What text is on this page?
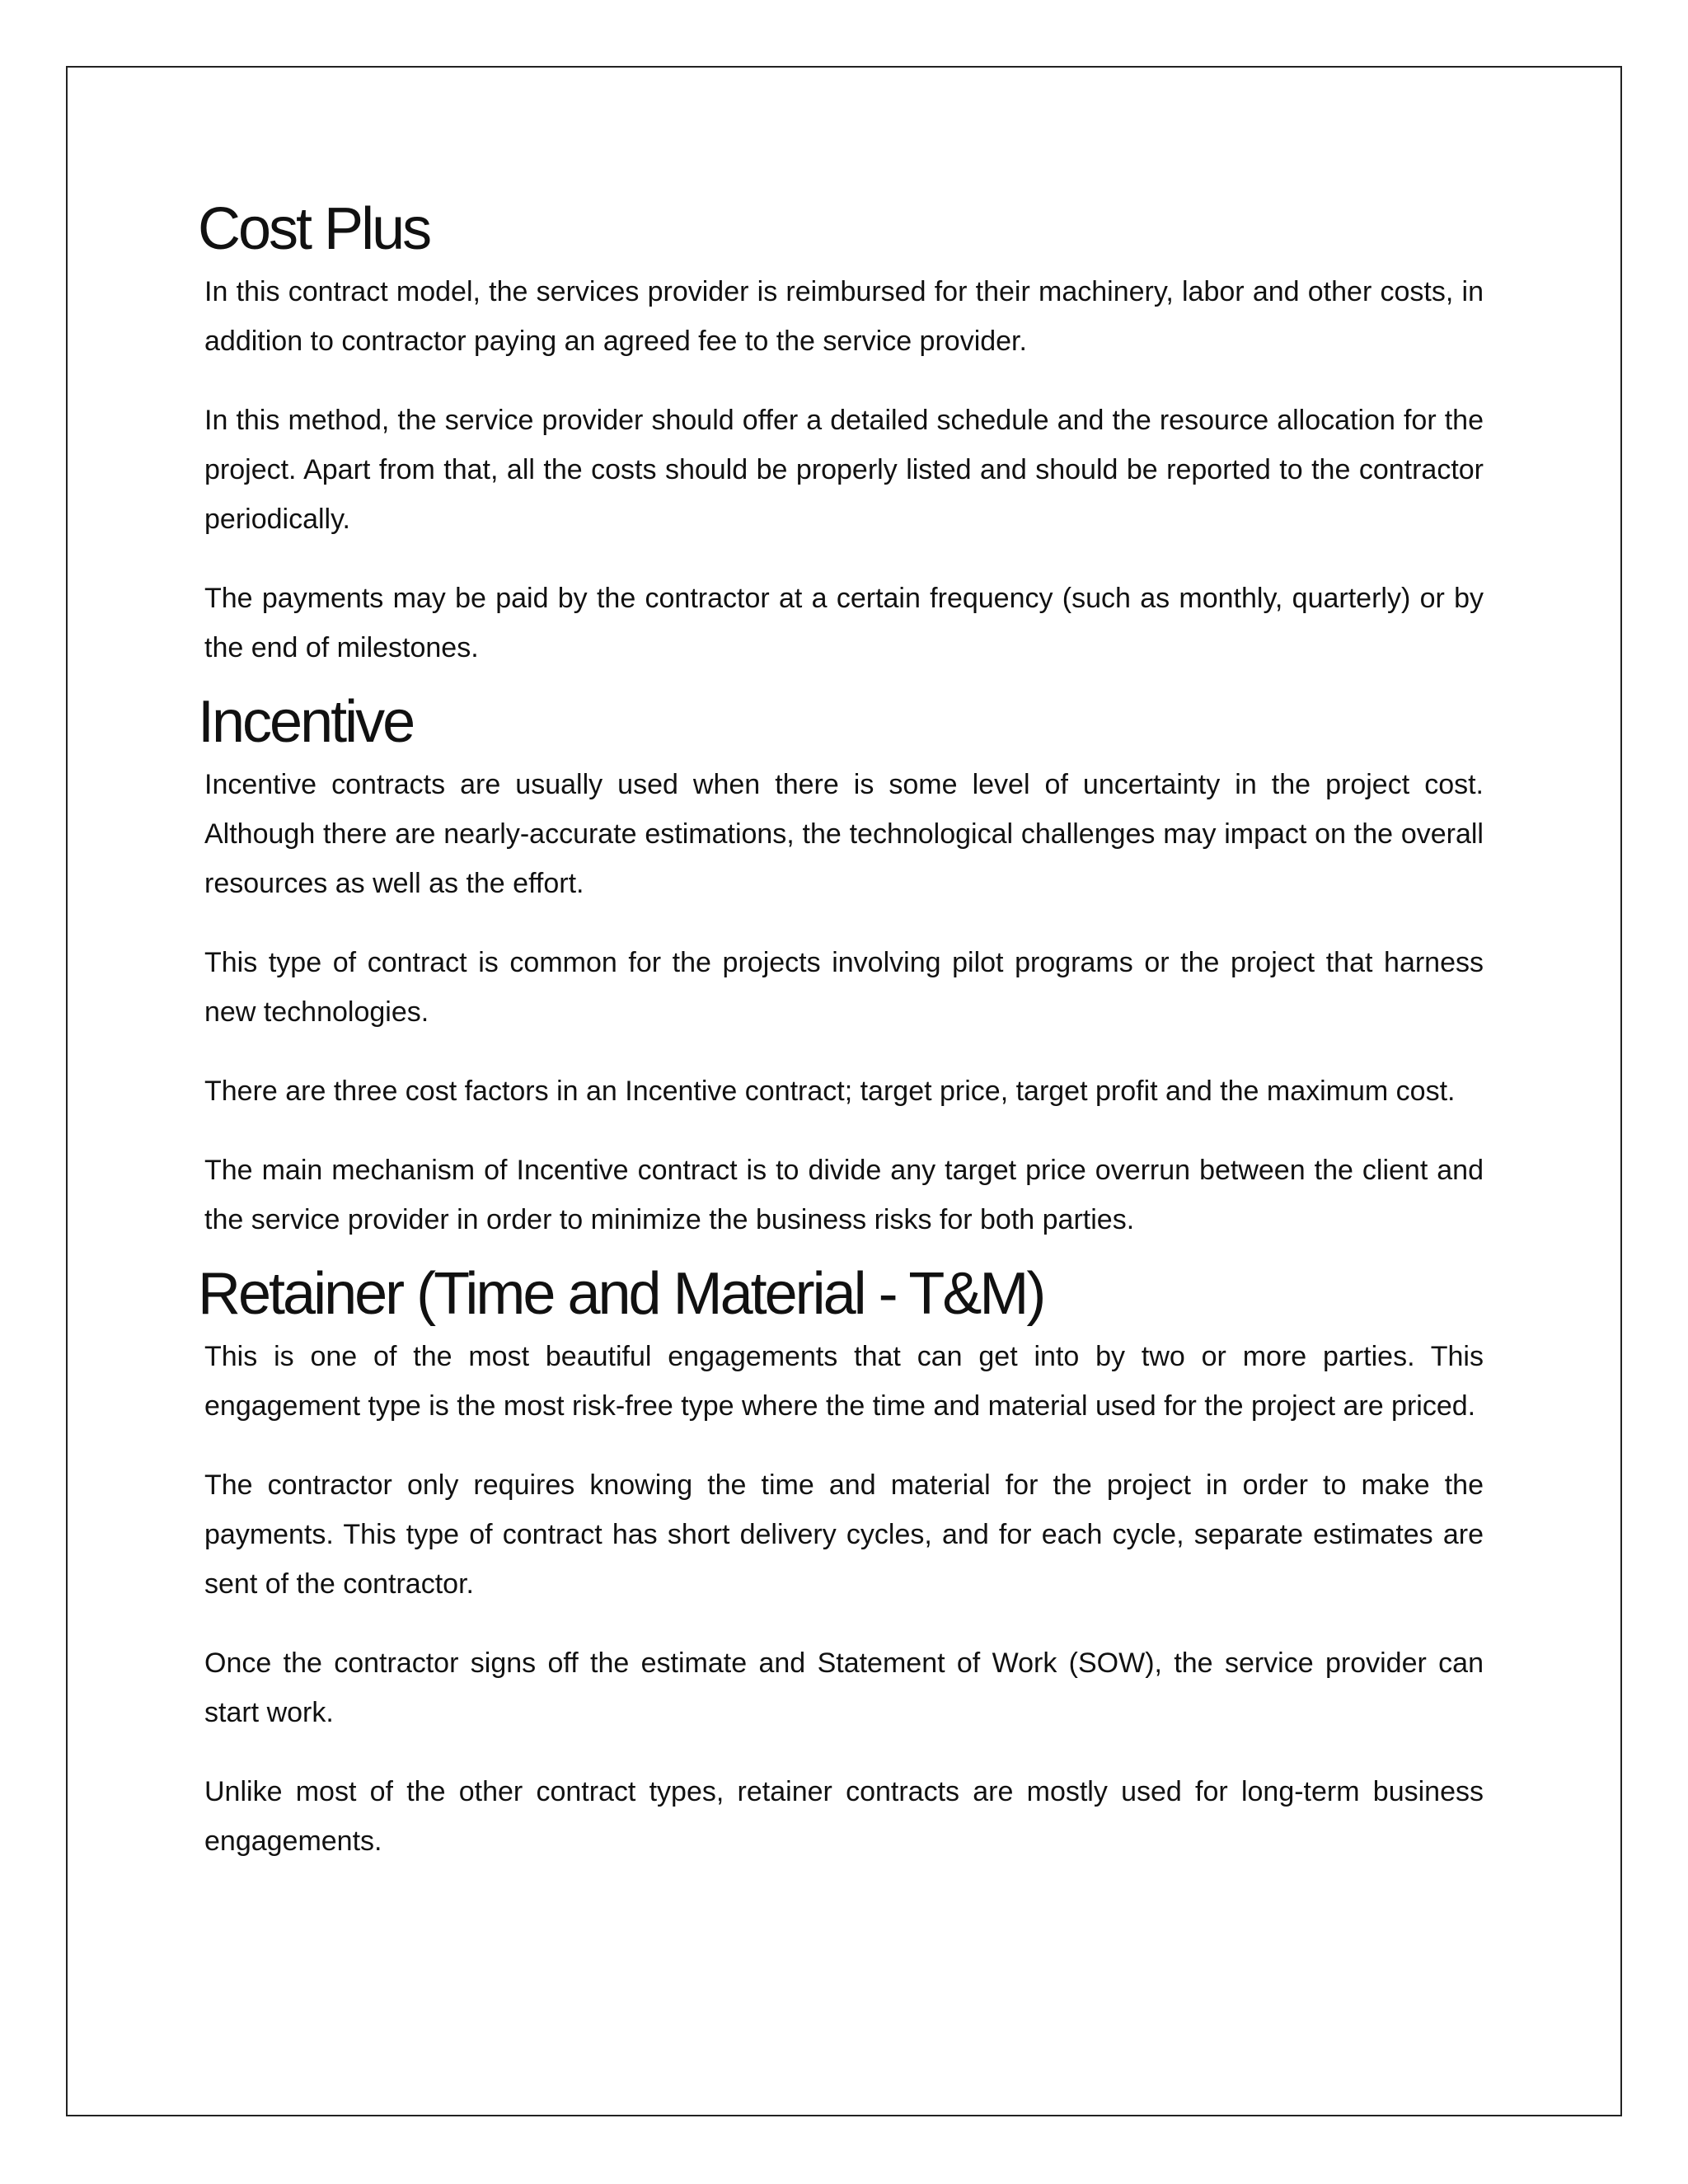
Cost Plus

In this contract model, the services provider is reimbursed for their machinery, labor and other costs, in addition to contractor paying an agreed fee to the service provider.

In this method, the service provider should offer a detailed schedule and the resource allocation for the project. Apart from that, all the costs should be properly listed and should be reported to the contractor periodically.

The payments may be paid by the contractor at a certain frequency (such as monthly, quarterly) or by the end of milestones.

Incentive

Incentive contracts are usually used when there is some level of uncertainty in the project cost. Although there are nearly-accurate estimations, the technological challenges may impact on the overall resources as well as the effort.

This type of contract is common for the projects involving pilot programs or the project that harness new technologies.

There are three cost factors in an Incentive contract; target price, target profit and the maximum cost.

The main mechanism of Incentive contract is to divide any target price overrun between the client and the service provider in order to minimize the business risks for both parties.

Retainer (Time and Material - T&M)

This is one of the most beautiful engagements that can get into by two or more parties. This engagement type is the most risk-free type where the time and material used for the project are priced.

The contractor only requires knowing the time and material for the project in order to make the payments. This type of contract has short delivery cycles, and for each cycle, separate estimates are sent of the contractor.

Once the contractor signs off the estimate and Statement of Work (SOW), the service provider can start work.

Unlike most of the other contract types, retainer contracts are mostly used for long-term business engagements.
